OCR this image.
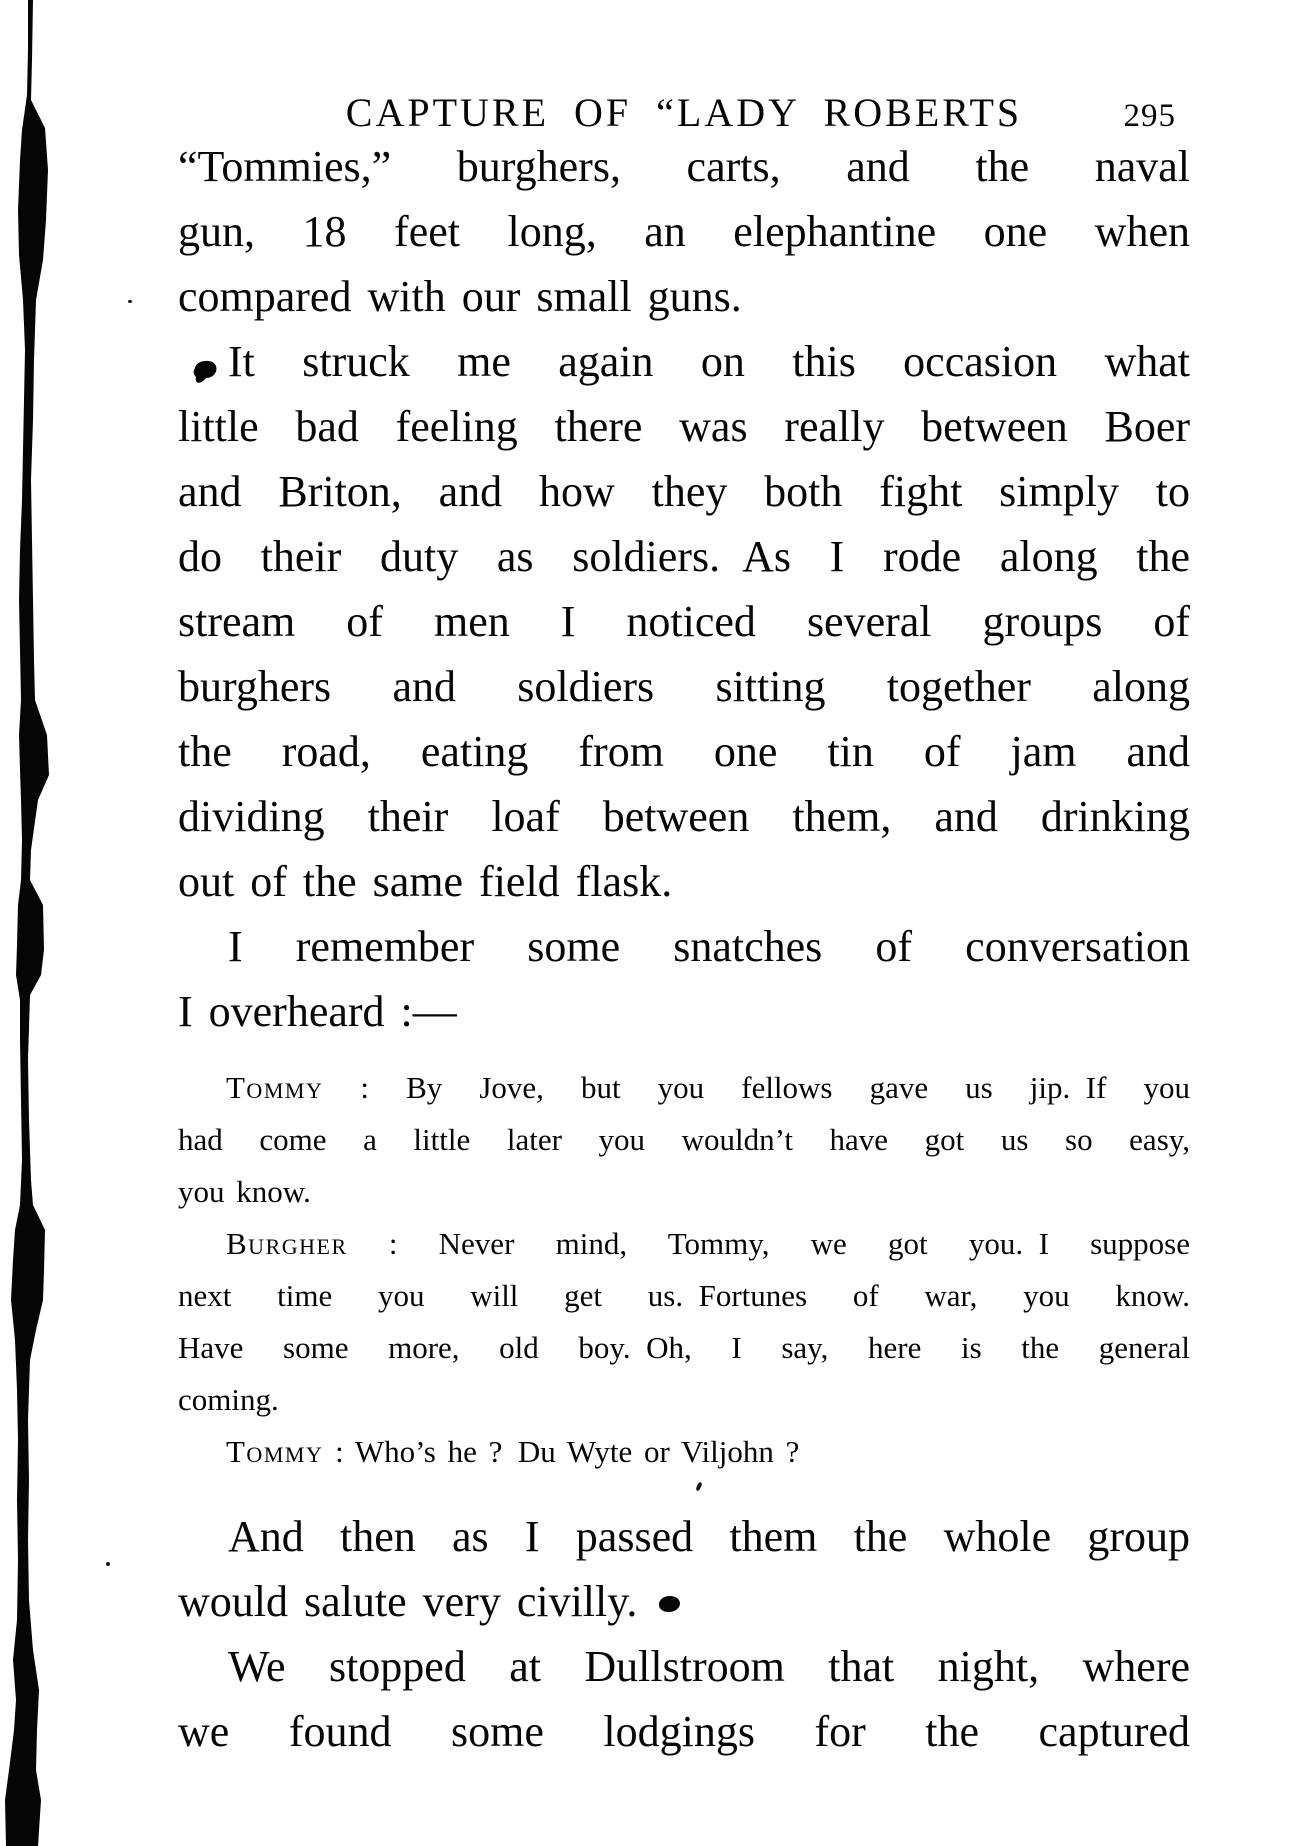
CAPTURE OF “LADY ROBERTS	295
“Tommies,” burghers, carts, and the naval
gun, 18 feet long, an elephantine one when
compared with our small guns.
It struck me again on this occasion what
little bad feeling there was really between Boer
and Briton, and how they both fight simply to
do their duty as soldiers. As I rode along the
stream of men I noticed several groups of
burghers and soldiers sitting together along
the road, eating from one tin of jam and
dividing their loaf between them, and drinking
out of the same field flask.
I remember some snatches of conversation
I overheard :—
Tommy : By Jove, but you fellows gave us jip. If you
had come a little later you wouldn’t have got us so easy,
you know.
Burgher : Never mind, Tommy, we got you. I suppose
next time you will get us. Fortunes of war, you know.
Have some more, old boy. Oh, I say, here is the general
coming.
Tommy : Who’s he ? Du Wyte or Viljohn ?
And then as I passed them the whole group
would salute very civilly.
We stopped at Dullstroom that night, where
we found some lodgings for the captured
